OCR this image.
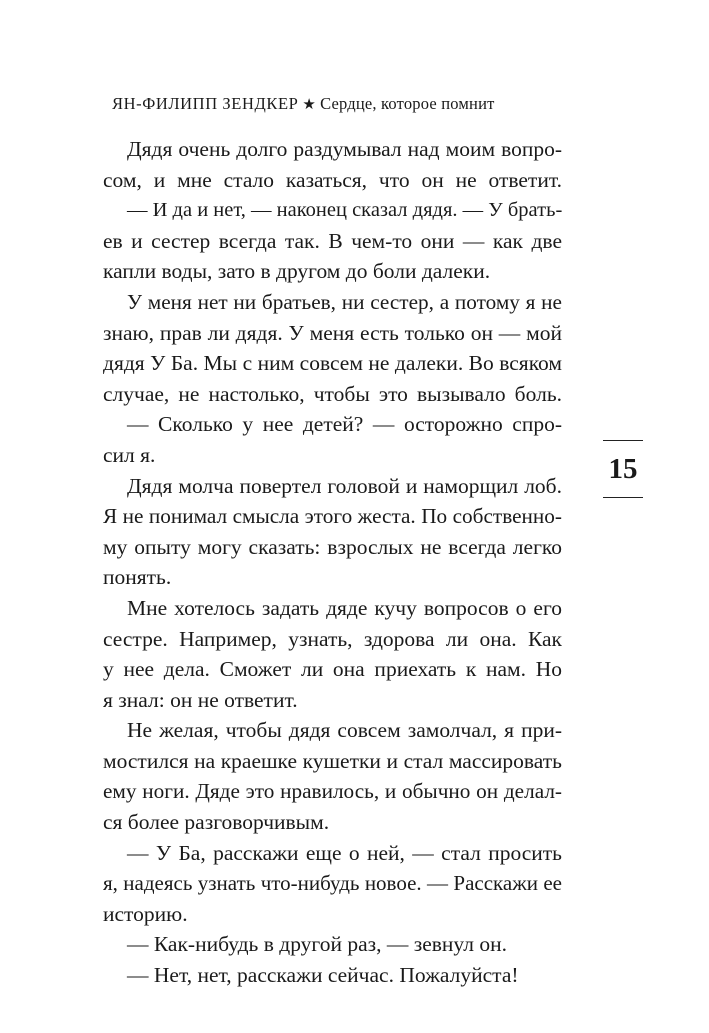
ЯН-ФИЛИПП ЗЕНДКЕР ★ Сердце, которое помнит
15
Дядя очень долго раздумывал над моим вопро-
сом, и мне стало казаться, что он не ответит.
— И да и нет, — наконец сказал дядя. — У брать-
ев и сестер всегда так. В чем-то они — как две
капли воды, зато в другом до боли далеки.
У меня нет ни братьев, ни сестер, а потому я не
знаю, прав ли дядя. У меня есть только он — мой
дядя У Ба. Мы с ним совсем не далеки. Во всяком
случае, не настолько, чтобы это вызывало боль.
— Сколько у нее детей? — осторожно спро-
сил я.
Дядя молча повертел головой и наморщил лоб.
Я не понимал смысла этого жеста. По собственно-
му опыту могу сказать: взрослых не всегда легко
понять.
Мне хотелось задать дяде кучу вопросов о его
сестре. Например, узнать, здорова ли она. Как
у нее дела. Сможет ли она приехать к нам. Но
я знал: он не ответит.
Не желая, чтобы дядя совсем замолчал, я при-
мостился на краешке кушетки и стал массировать
ему ноги. Дяде это нравилось, и обычно он делал-
ся более разговорчивым.
— У Ба, расскажи еще о ней, — стал просить
я, надеясь узнать что-нибудь новое. — Расскажи ее
историю.
— Как-нибудь в другой раз, — зевнул он.
— Нет, нет, расскажи сейчас. Пожалуйста!
